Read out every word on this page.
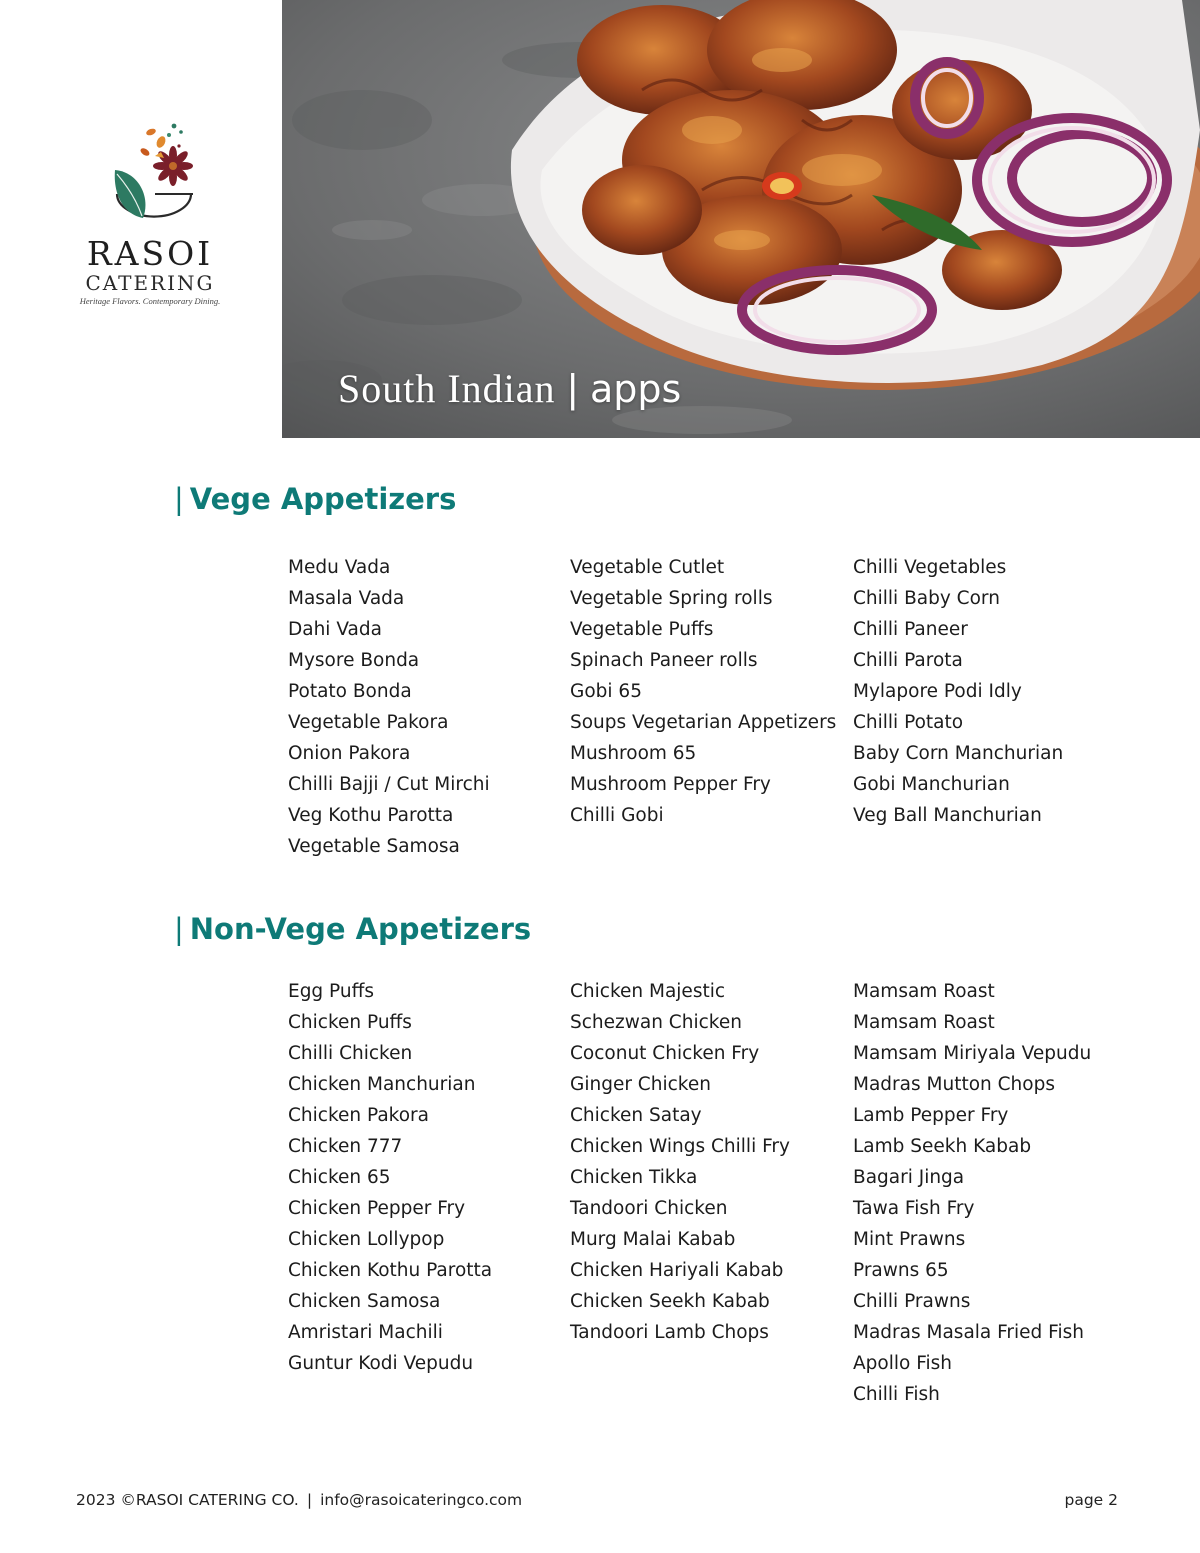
RASOI
CATERING
Heritage Flavors. Contemporary Dining.
South Indian | apps
| Vege Appetizers
Medu Vada
Masala Vada
Dahi Vada
Mysore Bonda
Potato Bonda
Vegetable Pakora
Onion Pakora
Chilli Bajji / Cut Mirchi
Veg Kothu Parotta
Vegetable Samosa
Vegetable Cutlet
Vegetable Spring rolls
Vegetable Puffs
Spinach Paneer rolls
Gobi 65
Soups Vegetarian Appetizers
Mushroom 65
Mushroom Pepper Fry
Chilli Gobi
Chilli Vegetables
Chilli Baby Corn
Chilli Paneer
Chilli Parota
Mylapore Podi Idly
Chilli Potato
Baby Corn Manchurian
Gobi Manchurian
Veg Ball Manchurian
| Non-Vege Appetizers
Egg Puffs
Chicken Puffs
Chilli Chicken
Chicken Manchurian
Chicken Pakora
Chicken 777
Chicken 65
Chicken Pepper Fry
Chicken Lollypop
Chicken Kothu Parotta
Chicken Samosa
Amristari Machili
Guntur Kodi Vepudu
Chicken Majestic
Schezwan Chicken
Coconut Chicken Fry
Ginger Chicken
Chicken Satay
Chicken Wings Chilli Fry
Chicken Tikka
Tandoori Chicken
Murg Malai Kabab
Chicken Hariyali Kabab
Chicken Seekh Kabab
Tandoori Lamb Chops
Mamsam Roast
Mamsam Roast
Mamsam Miriyala Vepudu
Madras Mutton Chops
Lamb Pepper Fry
Lamb Seekh Kabab
Bagari Jinga
Tawa Fish Fry
Mint Prawns
Prawns 65
Chilli Prawns
Madras Masala Fried Fish
Apollo Fish
Chilli Fish
2023 ©RASOI CATERING CO. | info@rasoicateringco.com	page 2
